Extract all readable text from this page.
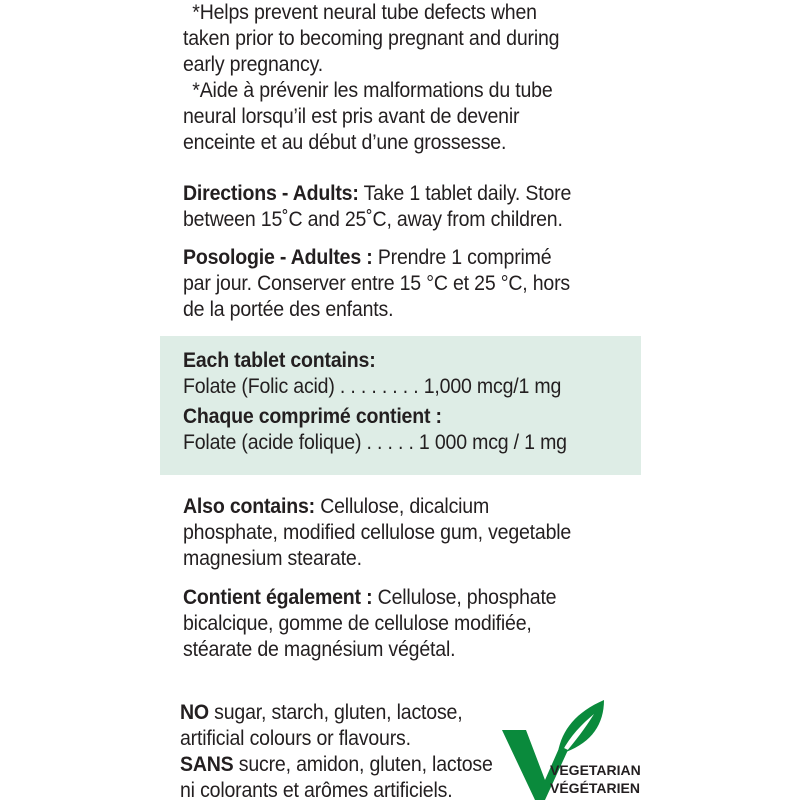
*Helps prevent neural tube defects when
taken prior to becoming pregnant and during
early pregnancy.
*Aide à prévenir les malformations du tube
neural lorsqu’il est pris avant de devenir
enceinte et au début d’une grossesse.
Directions - Adults: Take 1 tablet daily. Store
between 15˚C and 25˚C, away from children.
Posologie - Adultes : Prendre 1 comprimé
par jour. Conserver entre 15 °C et 25 °C, hors
de la portée des enfants.
Each tablet contains:
Folate (Folic acid) . . . . . . . . 1,000 mcg/1 mg
Chaque comprimé contient :
Folate (acide folique) . . . . . 1 000 mcg / 1 mg
Also contains: Cellulose, dicalcium
phosphate, modified cellulose gum, vegetable
magnesium stearate.
Contient également : Cellulose, phosphate
bicalcique, gomme de cellulose modifiée,
stéarate de magnésium végétal.
NO sugar, starch, gluten, lactose,
artificial colours or flavours.
SANS sucre, amidon, gluten, lactose
ni colorants et arômes artificiels.
VEGETARIAN
VÉGÉTARIEN
